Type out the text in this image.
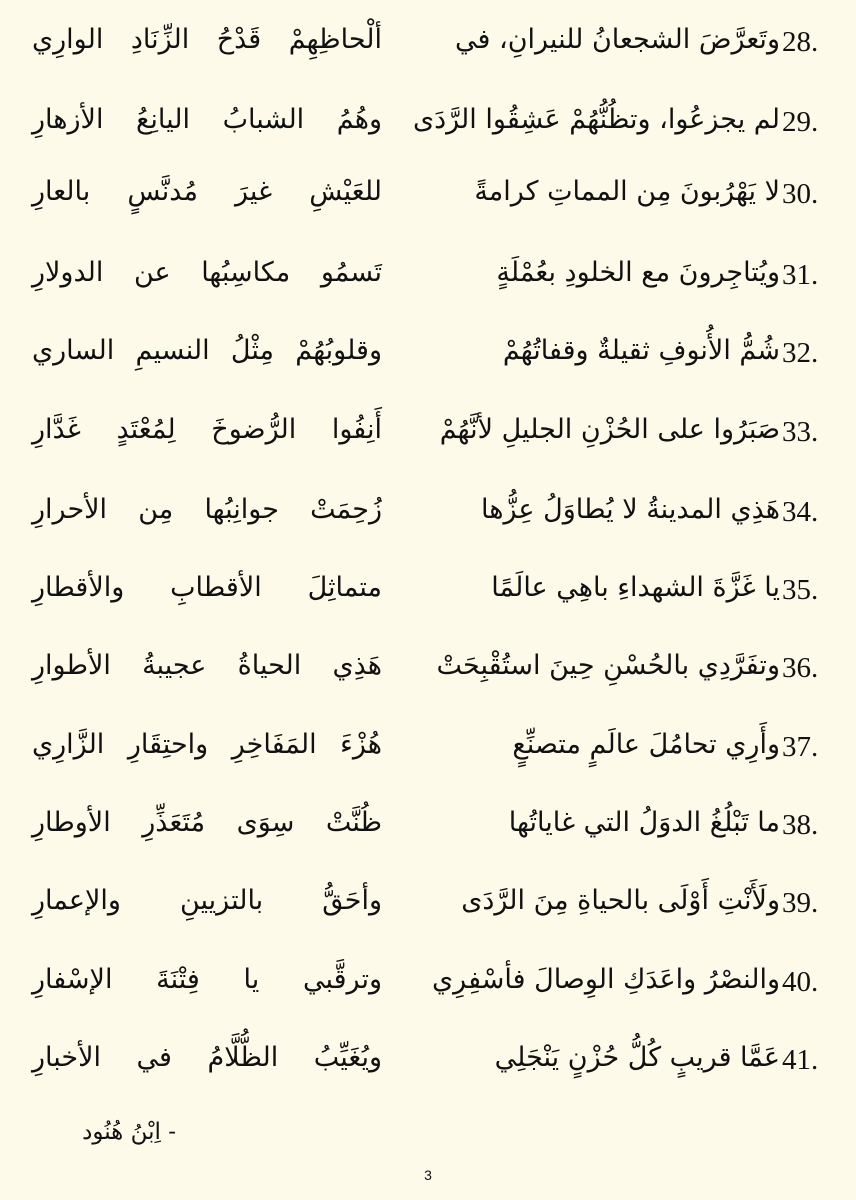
28.
وتَعرَّضَ الشجعانُ للنيرانِ، في
ألْحاظِهِمْ قَدْحُ الزِّنَادِ الوارِي
29.
لم يجزعُوا، وتظُنُّهُمْ عَشِقُوا الرَّدَى
وهُمُ الشبابُ اليانِعُ الأزهارِ
30.
لا يَهْرُبونَ مِن المماتِ كرامةً
للعَيْشِ غيرَ مُدنَّسٍ بالعارِ
31.
ويُتاجِرونَ مع الخلودِ بعُمْلَةٍ
تَسمُو مكاسِبُها عن الدولارِ
32.
شُمُّ الأُنوفِ ثقيلةٌ وقفاتُهُمْ
وقلوبُهُمْ مِثْلُ النسيمِ الساري
33.
صَبَرُوا على الحُزْنِ الجليلِ لأنَّهُمْ
أَنِفُوا الرُّضوخَ لِمُعْتَدٍ غَدَّارِ
34.
هَذِي المدينةُ لا يُطاوَلُ عِزُّها
زُحِمَتْ جوانِبُها مِن الأحرارِ
35.
يا غَزَّةَ الشهداءِ باهِي عالَمًا
متماثِلَ الأقطابِ والأقطارِ
36.
وتفَرَّدِي بالحُسْنِ حِينَ استُقْبِحَتْ
هَذِي الحياةُ عجيبةُ الأطوارِ
37.
وأَرِي تحامُلَ عالَمٍ متصنِّعٍ
هُزْءَ المَفَاخِرِ واحتِقَارِ الزَّارِي
38.
ما تَبْلُغُ الدوَلُ التي غاياتُها
ظُنَّتْ سِوَى مُتَعَذِّرِ الأوطارِ
39.
ولَأَنْتِ أَوْلَى بالحياةِ مِنَ الرَّدَى
وأحَقُّ بالتزيينِ والإعمارِ
40.
والنصْرُ واعَدَكِ الوِصالَ فأسْفِرِي
وترقَّبي يا فِتْنَةَ الإسْفارِ
41.
عَمَّا قريبٍ كُلُّ حُزْنٍ يَنْجَلِي
ويُغَيِّبُ الظُّلَّامُ في الأخبارِ
- اِبْنُ هُنُود
3
